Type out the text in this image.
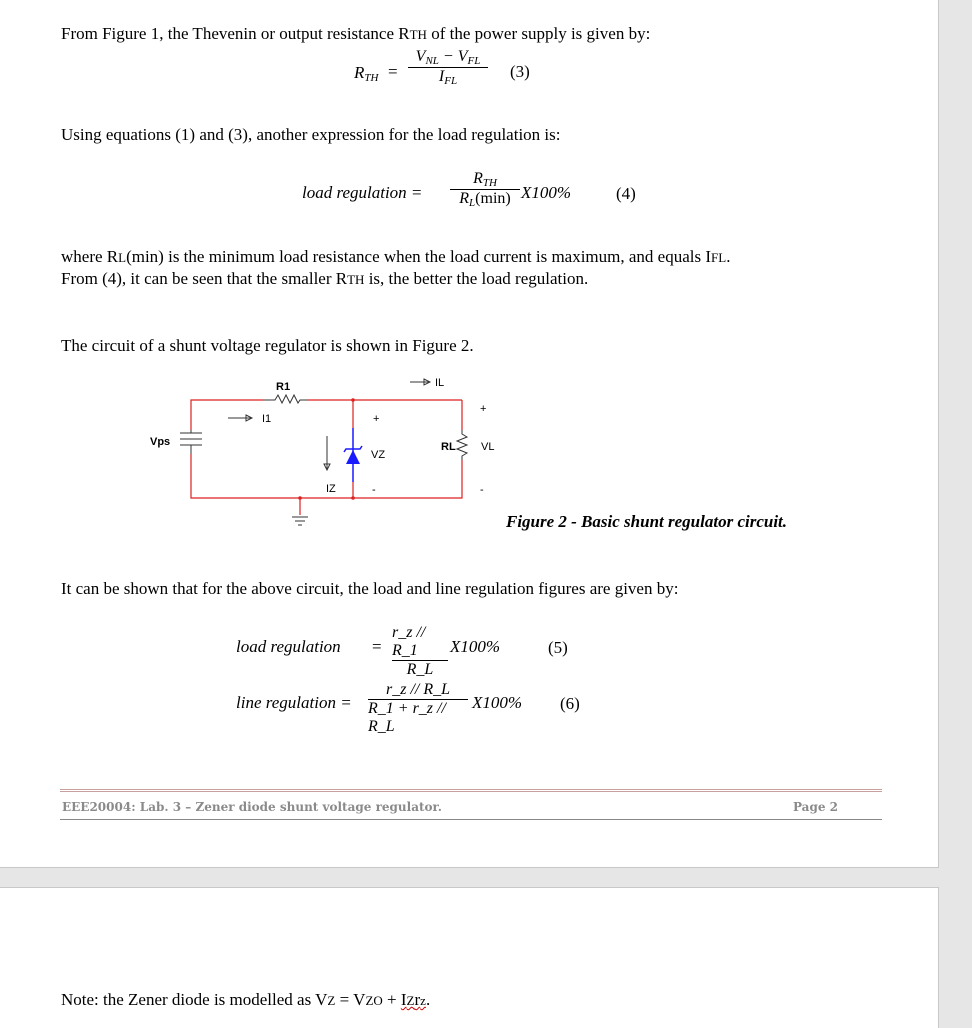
From Figure 1, the Thevenin or output resistance RTH of the power supply is given by:
$R_{TH}$ =
$V_{NL} - V_{FL}$
$I_{FL}$	(3)
Using equations (1) and (3), another expression for the load regulation is:
load regulation =
$R_{TH}$
$R_L(\min)$ X100%	(4)
where RL(min) is the minimum load resistance when the load current is maximum, and equals IFL.
From (4), it can be seen that the smaller RTH is, the better the load regulation.
The circuit of a shunt voltage regulator is shown in Figure 2.
R1	IL
I1
Vps
VZ
IZ
RL VL
+
+
-	-
Figure 2 - Basic shunt regulator circuit.
It can be shown that for the above circuit, the load and line regulation figures are given by:
load regulation =
r_z // R_1
R_L
X100%	(5)
line regulation =
r_z // R_L
R_1 + r_z // R_L
X100% (6)
EEE20004: Lab. 3 – Zener diode shunt voltage regulator.	Page 2
Note: the Zener diode is modelled as VZ = VZO + IZrz.
